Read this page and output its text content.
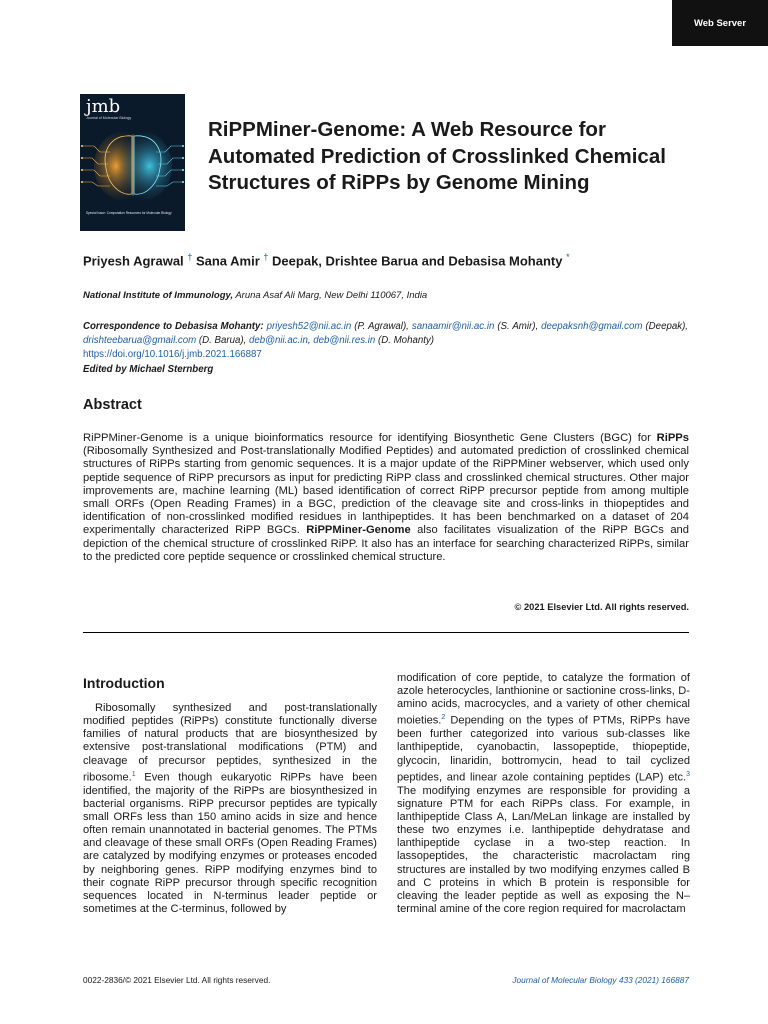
Web Server
jmb
Journal of Molecular Biology
Special Issue: Computation Resources for Molecular Biology
RiPPMiner-Genome: A Web Resource for Automated Prediction of Crosslinked Chemical Structures of RiPPs by Genome Mining
Priyesh Agrawal † Sana Amir † Deepak, Drishtee Barua and Debasisa Mohanty *
National Institute of Immunology, Aruna Asaf Ali Marg, New Delhi 110067, India
Correspondence to Debasisa Mohanty: priyesh52@nii.ac.in (P. Agrawal), sanaamir@nii.ac.in (S. Amir), deepaksnh@gmail.com (Deepak), drishteebarua@gmail.com (D. Barua), deb@nii.ac.in, deb@nii.res.in (D. Mohanty)
https://doi.org/10.1016/j.jmb.2021.166887
Edited by Michael Sternberg
Abstract

RiPPMiner-Genome is a unique bioinformatics resource for identifying Biosynthetic Gene Clusters (BGC) for RiPPs (Ribosomally Synthesized and Post-translationally Modified Peptides) and automated prediction of crosslinked chemical structures of RiPPs starting from genomic sequences. It is a major update of the RiPPMiner webserver, which used only peptide sequence of RiPP precursors as input for predicting RiPP class and crosslinked chemical structures. Other major improvements are, machine learning (ML) based identification of correct RiPP precursor peptide from among multiple small ORFs (Open Reading Frames) in a BGC, prediction of the cleavage site and cross-links in thiopeptides and identification of non-crosslinked modified residues in lanthipeptides. It has been benchmarked on a dataset of 204 experimentally characterized RiPP BGCs. RiPPMiner-Genome also facilitates visualization of the RiPP BGCs and depiction of the chemical structure of crosslinked RiPP. It also has an interface for searching characterized RiPPs, similar to the predicted core peptide sequence or crosslinked chemical structure.

© 2021 Elsevier Ltd. All rights reserved.
Introduction

Ribosomally synthesized and post-translationally modified peptides (RiPPs) constitute functionally diverse families of natural products that are biosynthesized by extensive post-translational modifications (PTM) and cleavage of precursor peptides, synthesized in the ribosome.$^1$ Even though eukaryotic RiPPs have been identified, the majority of the RiPPs are biosynthesized in bacterial organisms. RiPP precursor peptides are typically small ORFs less than 150 amino acids in size and hence often remain unannotated in bacterial genomes. The PTMs and cleavage of these small ORFs (Open Reading Frames) are catalyzed by modifying enzymes or proteases encoded by neighboring genes. RiPP modifying enzymes bind to their cognate RiPP precursor through specific recognition sequences located in N-terminus leader peptide or sometimes at the C-terminus, followed by

modification of core peptide, to catalyze the formation of azole heterocycles, lanthionine or sactionine cross-links, D-amino acids, macrocycles, and a variety of other chemical moieties.$^2$ Depending on the types of PTMs, RiPPs have been further categorized into various sub-classes like lanthipeptide, cyanobactin, lassopeptide, thiopeptide, glycocin, linaridin, bottromycin, head to tail cyclized peptides, and linear azole containing peptides (LAP) etc.$^3$ The modifying enzymes are responsible for providing a signature PTM for each RiPPs class. For example, in lanthipeptide Class A, Lan/MeLan linkage are installed by these two enzymes i.e. lanthipeptide dehydratase and lanthipeptide cyclase in a two-step reaction. In lassopeptides, the characteristic macrolactam ring structures are installed by two modifying enzymes called B and C proteins in which B protein is responsible for cleaving the leader peptide as well as exposing the N–terminal amine of the core region required for macrolactam

0022-2836/© 2021 Elsevier Ltd. All rights reserved.	Journal of Molecular Biology 433 (2021) 166887
